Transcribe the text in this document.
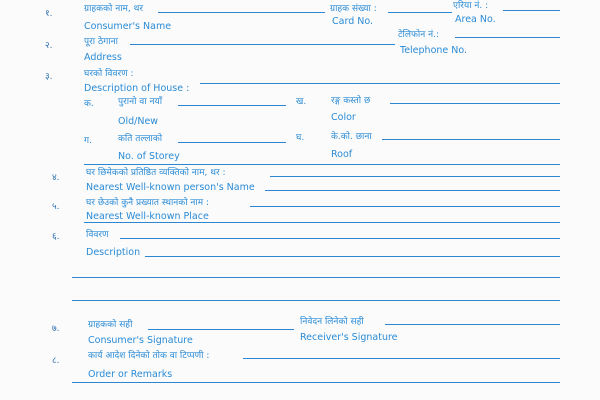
१.	ग्राहकको नाम, थर
Consumer's Name
ग्राहक संख्या :
Card No.
एरिया नं. :
Area No.
२.	पूरा ठेगाना
Address
टेलिफोन नं.:
Telephone No.
३.	घरको विवरण :
Description of House :
क.	पुरानो वा नयाँ
Old/New
ख.	रङ्ग कस्तो छ
Color
ग.	कति तल्लाको
No. of Storey
घ.	के.को. छाना
Roof
४.	घर छिमेकको प्रतिष्ठित व्यक्तिको नाम, थर :
Nearest Well-known person's Name
५.	घर छेउको कुनै प्रख्यात स्थानको नाम :
Nearest Well-known Place
६.	विवरण
Description
७.	ग्राहकको सही
Consumer's Signature
निवेदन लिनेको सही
Receiver's Signature
८.	कार्य आदेश दिनेको तोक वा टिप्पणी :
Order or Remarks
